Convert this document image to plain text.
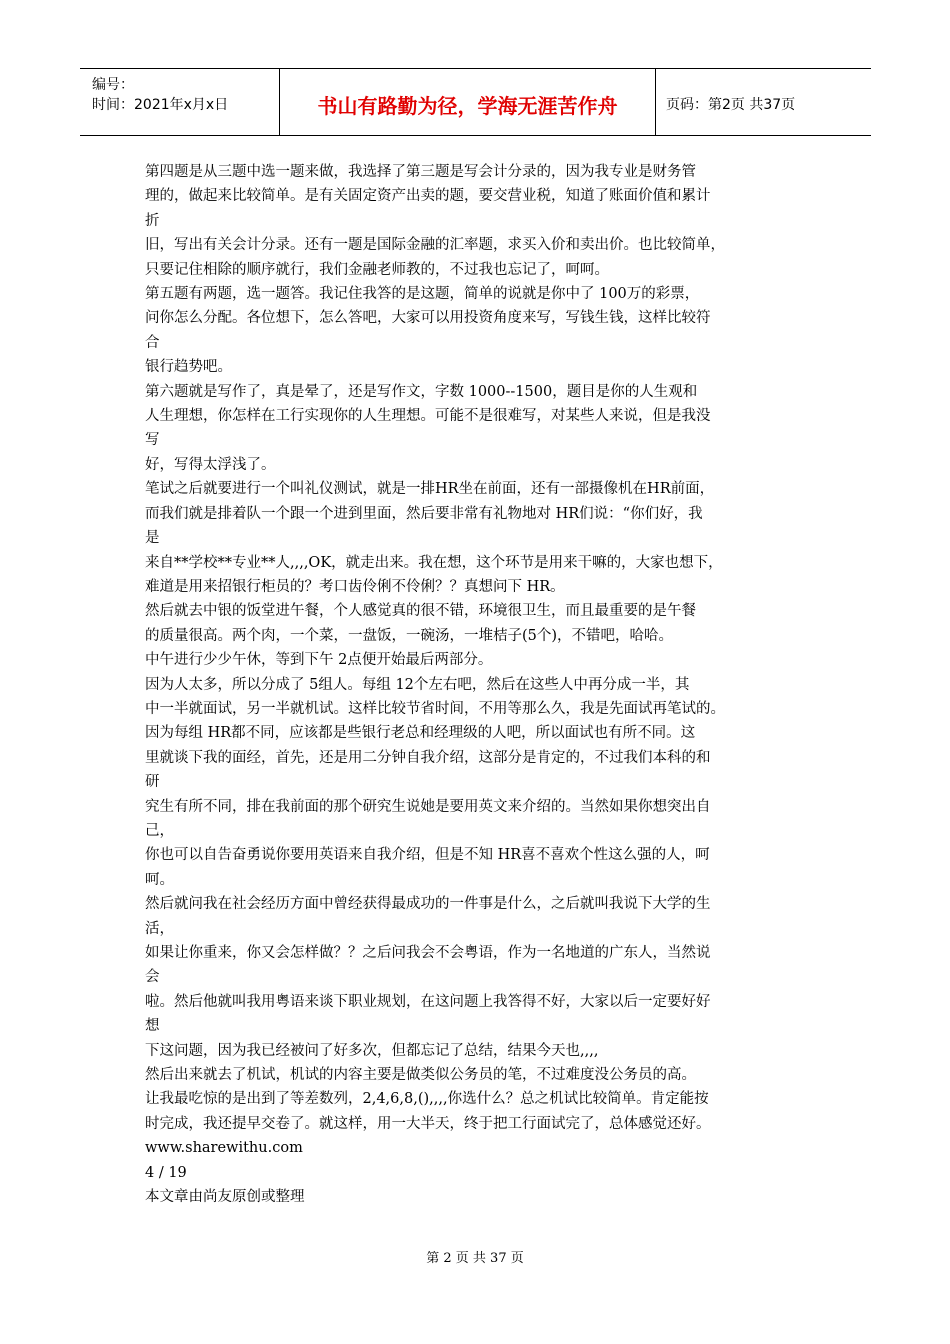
编号：
时间：2021年x月x日	书山有路勤为径，学海无涯苦作舟	页码：第2页 共37页
第四题是从三题中选一题来做，我选择了第三题是写会计分录的，因为我专业是财务管
理的，做起来比较简单。是有关固定资产出卖的题，要交营业税，知道了账面价值和累计
折
旧，写出有关会计分录。还有一题是国际金融的汇率题，求买入价和卖出价。也比较简单，
只要记住相除的顺序就行，我们金融老师教的，不过我也忘记了，呵呵。
第五题有两题，选一题答。我记住我答的是这题，简单的说就是你中了 100万的彩票，
问你怎么分配。各位想下，怎么答吧，大家可以用投资角度来写，写钱生钱，这样比较符
合
银行趋势吧。
第六题就是写作了，真是晕了，还是写作文，字数 1000--1500，题目是你的人生观和
人生理想，你怎样在工行实现你的人生理想。可能不是很难写，对某些人来说，但是我没
写
好，写得太浮浅了。
笔试之后就要进行一个叫礼仪测试，就是一排HR坐在前面，还有一部摄像机在HR前面，
而我们就是排着队一个跟一个进到里面，然后要非常有礼物地对 HR们说：“你们好，我
是
来自**学校**专业**人,,,,OK，就走出来。我在想，这个环节是用来干嘛的，大家也想下，
难道是用来招银行柜员的？考口齿伶俐不伶俐？？真想问下 HR。
然后就去中银的饭堂进午餐，个人感觉真的很不错，环境很卫生，而且最重要的是午餐
的质量很高。两个肉，一个菜，一盘饭，一碗汤，一堆桔子(5个)，不错吧，哈哈。
中午进行少少午休，等到下午 2点便开始最后两部分。
因为人太多，所以分成了 5组人。每组 12个左右吧，然后在这些人中再分成一半，其
中一半就面试，另一半就机试。这样比较节省时间，不用等那么久，我是先面试再笔试的。
因为每组 HR都不同，应该都是些银行老总和经理级的人吧，所以面试也有所不同。这
里就谈下我的面经，首先，还是用二分钟自我介绍，这部分是肯定的，不过我们本科的和
研
究生有所不同，排在我前面的那个研究生说她是要用英文来介绍的。当然如果你想突出自
己，
你也可以自告奋勇说你要用英语来自我介绍，但是不知 HR喜不喜欢个性这么强的人，呵
呵。
然后就问我在社会经历方面中曾经获得最成功的一件事是什么，之后就叫我说下大学的生
活，
如果让你重来，你又会怎样做？？之后问我会不会粤语，作为一名地道的广东人，当然说
会
啦。然后他就叫我用粤语来谈下职业规划，在这问题上我答得不好，大家以后一定要好好
想
下这问题，因为我已经被问了好多次，但都忘记了总结，结果今天也,,,,
然后出来就去了机试，机试的内容主要是做类似公务员的笔，不过难度没公务员的高。
让我最吃惊的是出到了等差数列，2,4,6,8,(),,,,你选什么？总之机试比较简单。肯定能按
时完成，我还提早交卷了。就这样，用一大半天，终于把工行面试完了，总体感觉还好。
www.sharewithu.com
4 / 19
本文章由尚友原创或整理
第 2 页 共 37 页
